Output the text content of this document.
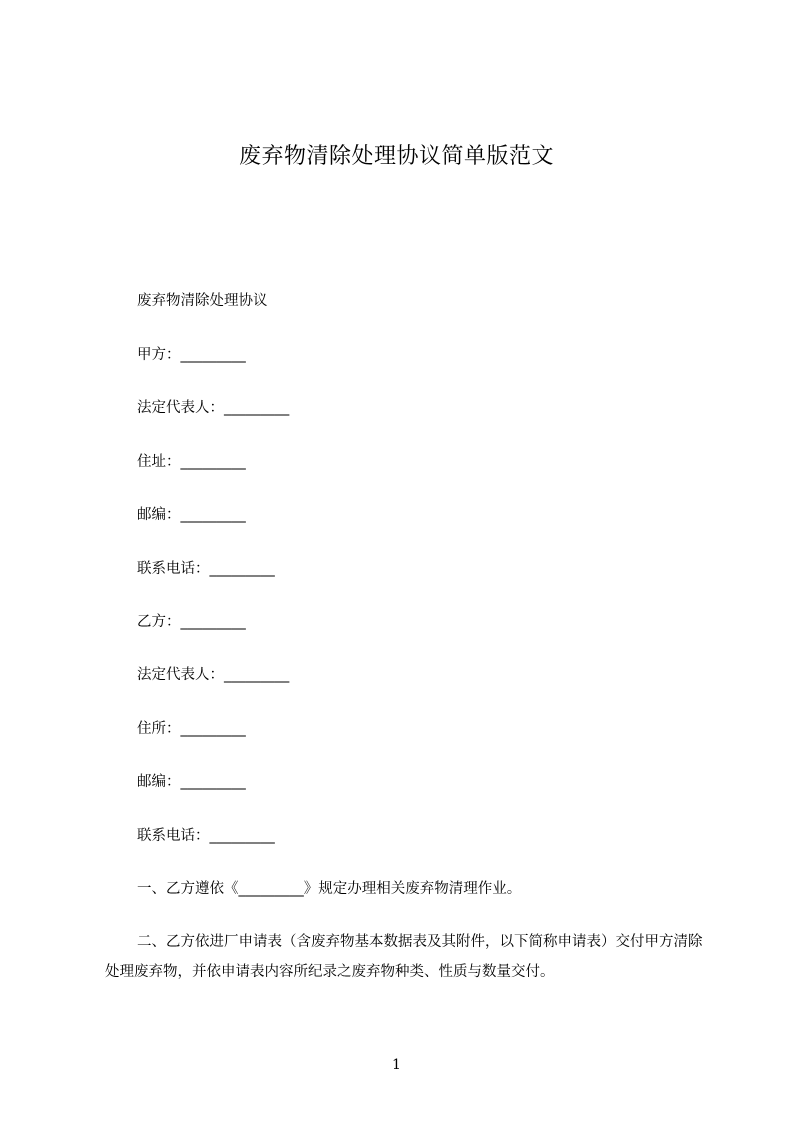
废弃物清除处理协议简单版范文
废弃物清除处理协议
甲方：_________
法定代表人：_________
住址：_________
邮编：_________
联系电话：_________
乙方：_________
法定代表人：_________
住所：_________
邮编：_________
联系电话：_________
一、乙方遵依《_________》规定办理相关废弃物清理作业。
二、乙方依进厂申请表（含废弃物基本数据表及其附件，以下简称申请表）交付甲方清除处理废弃物，并依申请表内容所纪录之废弃物种类、性质与数量交付。
1
